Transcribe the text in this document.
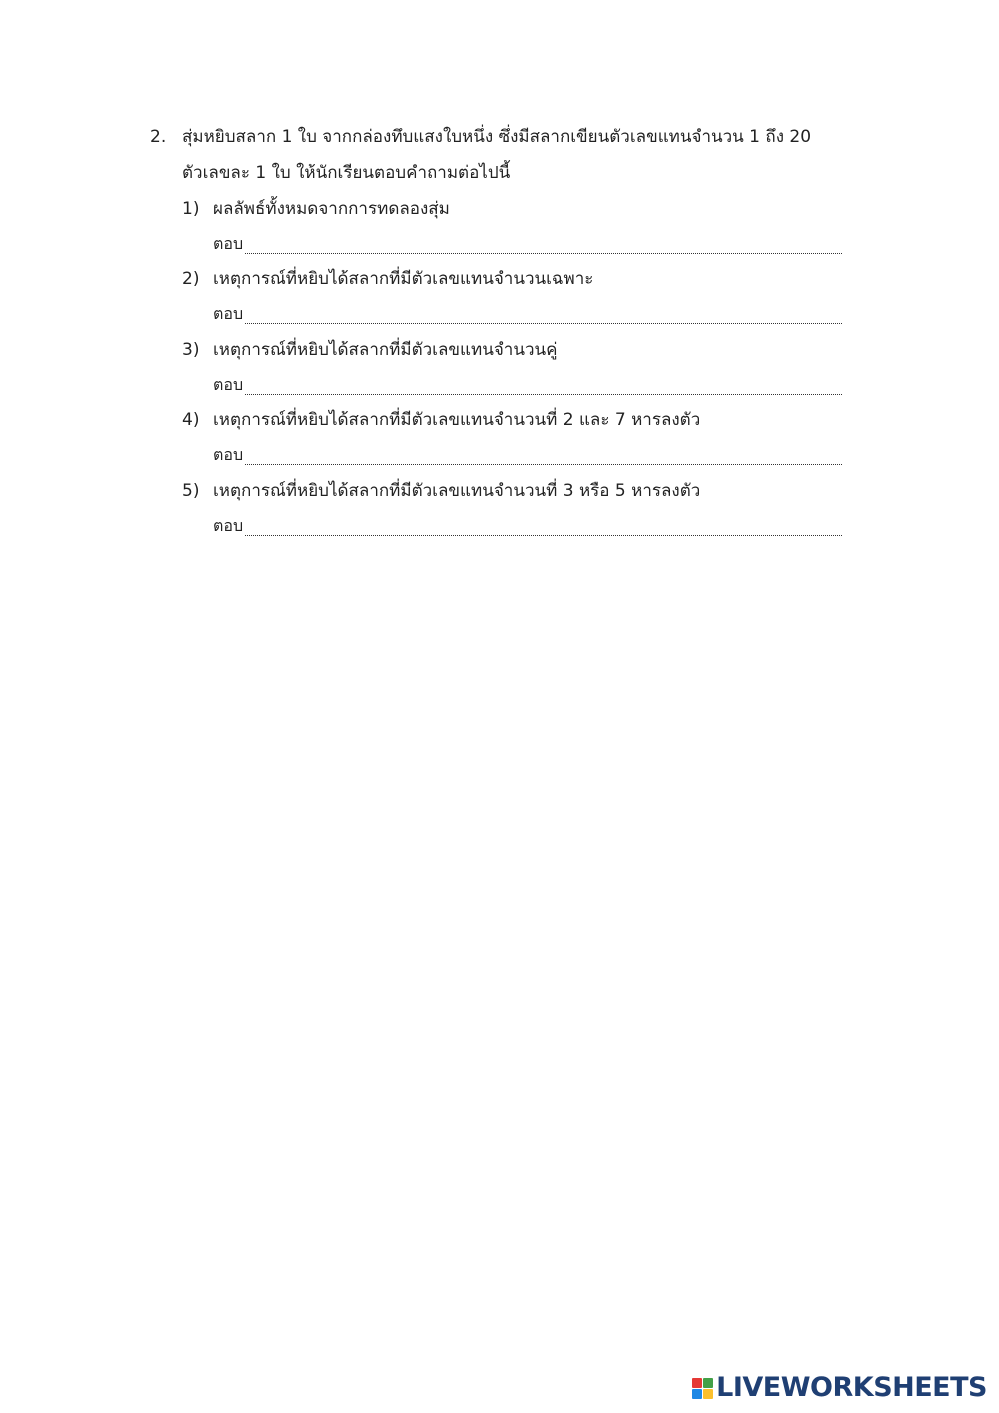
2. สุ่มหยิบสลาก 1 ใบ จากกล่องทึบแสงใบหนึ่ง ซึ่งมีสลากเขียนตัวเลขแทนจำนวน 1 ถึง 20
ตัวเลขละ 1 ใบ ให้นักเรียนตอบคำถามต่อไปนี้
1) ผลลัพธ์ทั้งหมดจากการทดลองสุ่ม
ตอบ
2) เหตุการณ์ที่หยิบได้สลากที่มีตัวเลขแทนจำนวนเฉพาะ
ตอบ
3) เหตุการณ์ที่หยิบได้สลากที่มีตัวเลขแทนจำนวนคู่
ตอบ
4) เหตุการณ์ที่หยิบได้สลากที่มีตัวเลขแทนจำนวนที่ 2 และ 7 หารลงตัว
ตอบ
5) เหตุการณ์ที่หยิบได้สลากที่มีตัวเลขแทนจำนวนที่ 3 หรือ 5 หารลงตัว
ตอบ
LIVEWORKSHEETS
